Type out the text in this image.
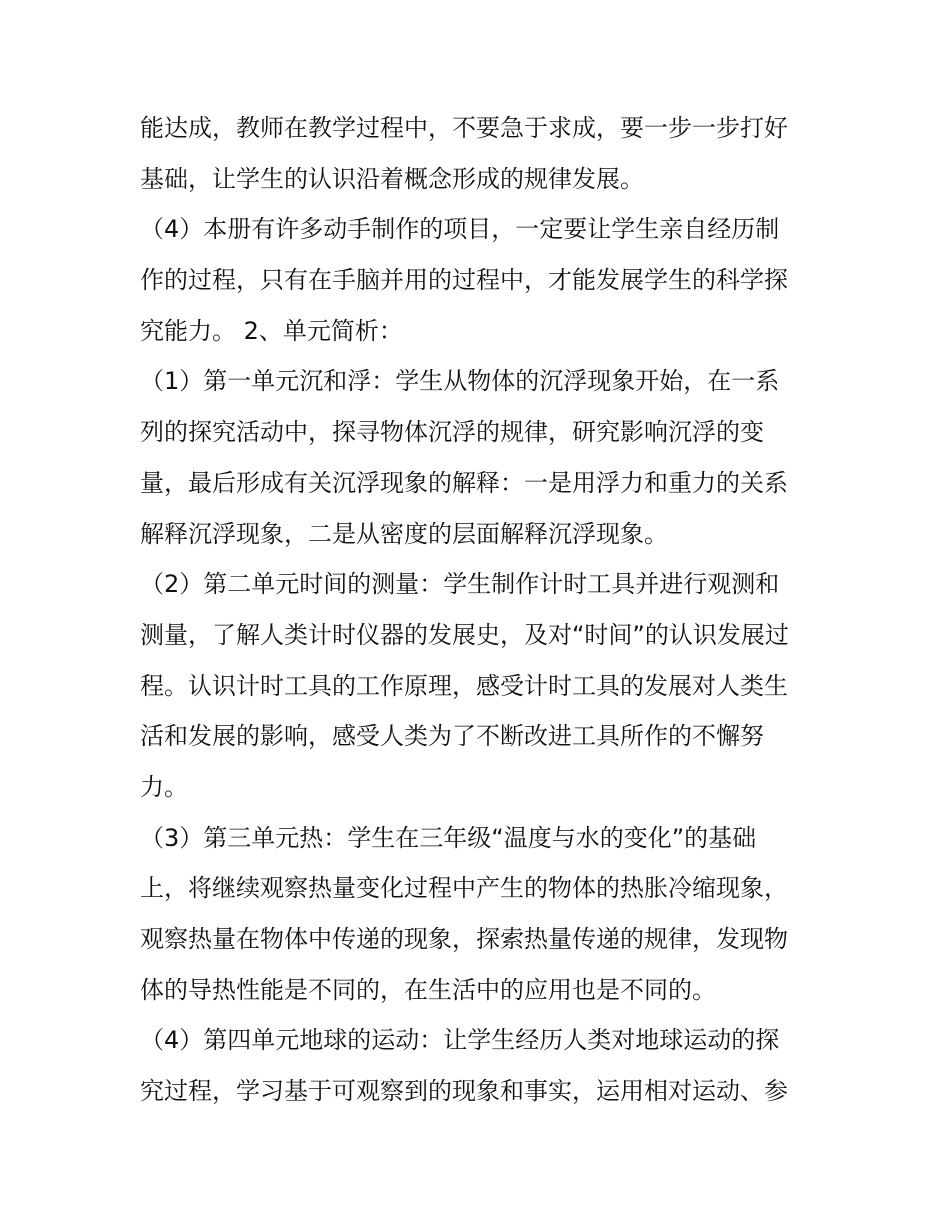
能达成，教师在教学过程中，不要急于求成，要一步一步打好
基础，让学生的认识沿着概念形成的规律发展。
（4）本册有许多动手制作的项目，一定要让学生亲自经历制
作的过程，只有在手脑并用的过程中，才能发展学生的科学探
究能力。 2、单元简析：
（1）第一单元沉和浮：学生从物体的沉浮现象开始，在一系
列的探究活动中，探寻物体沉浮的规律，研究影响沉浮的变
量，最后形成有关沉浮现象的解释：一是用浮力和重力的关系
解释沉浮现象，二是从密度的层面解释沉浮现象。
（2）第二单元时间的测量：学生制作计时工具并进行观测和
测量，了解人类计时仪器的发展史，及对“时间”的认识发展过
程。认识计时工具的工作原理，感受计时工具的发展对人类生
活和发展的影响，感受人类为了不断改进工具所作的不懈努
力。
（3）第三单元热：学生在三年级“温度与水的变化”的基础
上，将继续观察热量变化过程中产生的物体的热胀冷缩现象，
观察热量在物体中传递的现象，探索热量传递的规律，发现物
体的导热性能是不同的，在生活中的应用也是不同的。
（4）第四单元地球的运动：让学生经历人类对地球运动的探
究过程，学习基于可观察到的现象和事实，运用相对运动、参
